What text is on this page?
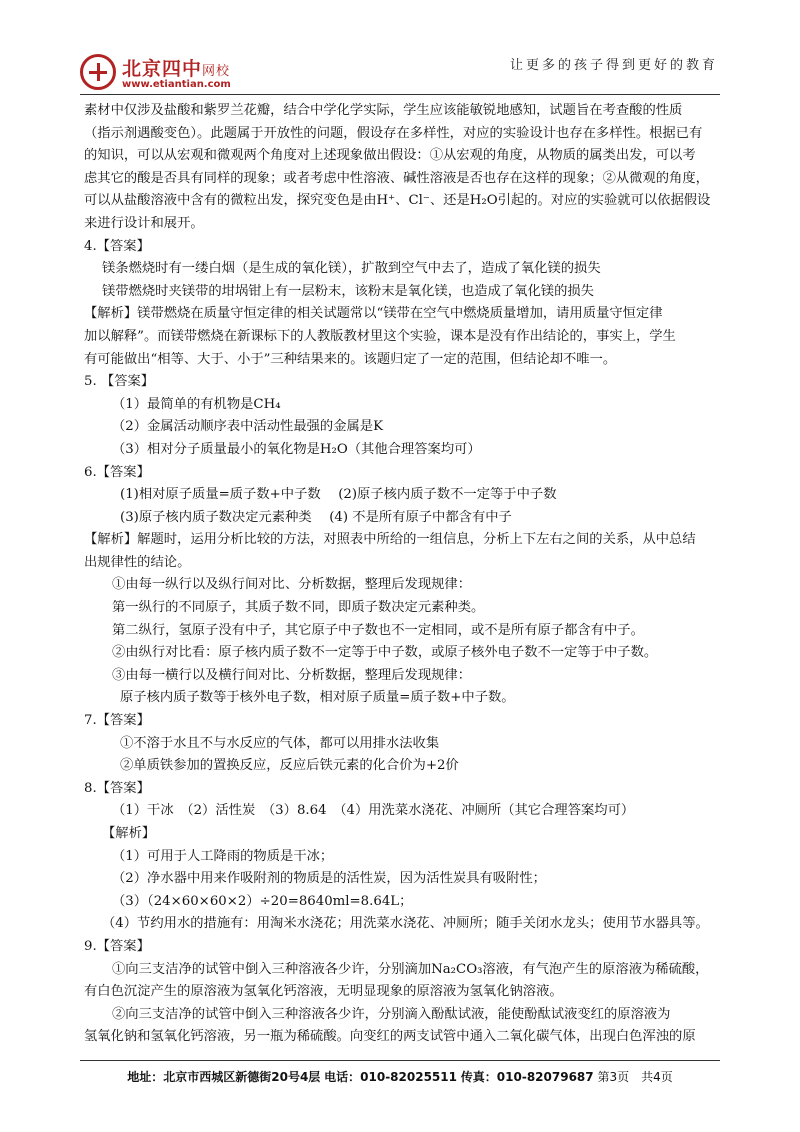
北京四中网校
www.etiantian.com
让更多的孩子得到更好的教育
素材中仅涉及盐酸和紫罗兰花瓣，结合中学化学实际，学生应该能敏锐地感知，试题旨在考查酸的性质
（指示剂遇酸变色）。此题属于开放性的问题，假设存在多样性，对应的实验设计也存在多样性。根据已有
的知识，可以从宏观和微观两个角度对上述现象做出假设：①从宏观的角度，从物质的属类出发，可以考
虑其它的酸是否具有同样的现象；或者考虑中性溶液、碱性溶液是否也存在这样的现象；②从微观的角度，
可以从盐酸溶液中含有的微粒出发，探究变色是由H⁺、Cl⁻、还是H₂O引起的。对应的实验就可以依据假设
来进行设计和展开。
4.【答案】
镁条燃烧时有一缕白烟（是生成的氧化镁），扩散到空气中去了，造成了氧化镁的损失
镁带燃烧时夹镁带的坩埚钳上有一层粉末，该粉末是氧化镁，也造成了氧化镁的损失
【解析】镁带燃烧在质量守恒定律的相关试题常以“镁带在空气中燃烧质量增加，请用质量守恒定律
加以解释”。而镁带燃烧在新课标下的人教版教材里这个实验，课本是没有作出结论的，事实上，学生
有可能做出“相等、大于、小于”三种结果来的。该题归定了一定的范围，但结论却不唯一。
5. 【答案】
（1）最简单的有机物是CH₄
（2）金属活动顺序表中活动性最强的金属是K
（3）相对分子质量最小的氧化物是H₂O（其他合理答案均可）
6.【答案】
(1)相对原子质量=质子数+中子数　 (2)原子核内质子数不一定等于中子数
(3)原子核内质子数决定元素种类　 (4) 不是所有原子中都含有中子
【解析】解题时，运用分析比较的方法，对照表中所给的一组信息，分析上下左右之间的关系，从中总结
出规律性的结论。
①由每一纵行以及纵行间对比、分析数据，整理后发现规律：
第一纵行的不同原子，其质子数不同，即质子数决定元素种类。
第二纵行，氢原子没有中子，其它原子中子数也不一定相同，或不是所有原子都含有中子。
②由纵行对比看：原子核内质子数不一定等于中子数，或原子核外电子数不一定等于中子数。
③由每一横行以及横行间对比、分析数据，整理后发现规律：
原子核内质子数等于核外电子数，相对原子质量=质子数+中子数。
7.【答案】
①不溶于水且不与水反应的气体，都可以用排水法收集
②单质铁参加的置换反应，反应后铁元素的化合价为+2价
8.【答案】
（1）干冰　（2）活性炭　（3）8.64　（4）用洗菜水浇花、冲厕所（其它合理答案均可）
【解析】
（1）可用于人工降雨的物质是干冰；
（2）净水器中用来作吸附剂的物质是的活性炭，因为活性炭具有吸附性；
（3）（24×60×60×2）÷20=8640ml=8.64L；
（4）节约用水的措施有：用淘米水浇花；用洗菜水浇花、冲厕所；随手关闭水龙头；使用节水器具等。
9.【答案】
①向三支洁净的试管中倒入三种溶液各少许，分别滴加Na₂CO₃溶液，有气泡产生的原溶液为稀硫酸，
有白色沉淀产生的原溶液为氢氧化钙溶液，无明显现象的原溶液为氢氧化钠溶液。
②向三支洁净的试管中倒入三种溶液各少许，分别滴入酚酞试液，能使酚酞试液变红的原溶液为
氢氧化钠和氢氧化钙溶液，另一瓶为稀硫酸。向变红的两支试管中通入二氧化碳气体，出现白色浑浊的原
地址：北京市西城区新德街20号4层 电话：010-82025511 传真：010-82079687 第3页　共4页
